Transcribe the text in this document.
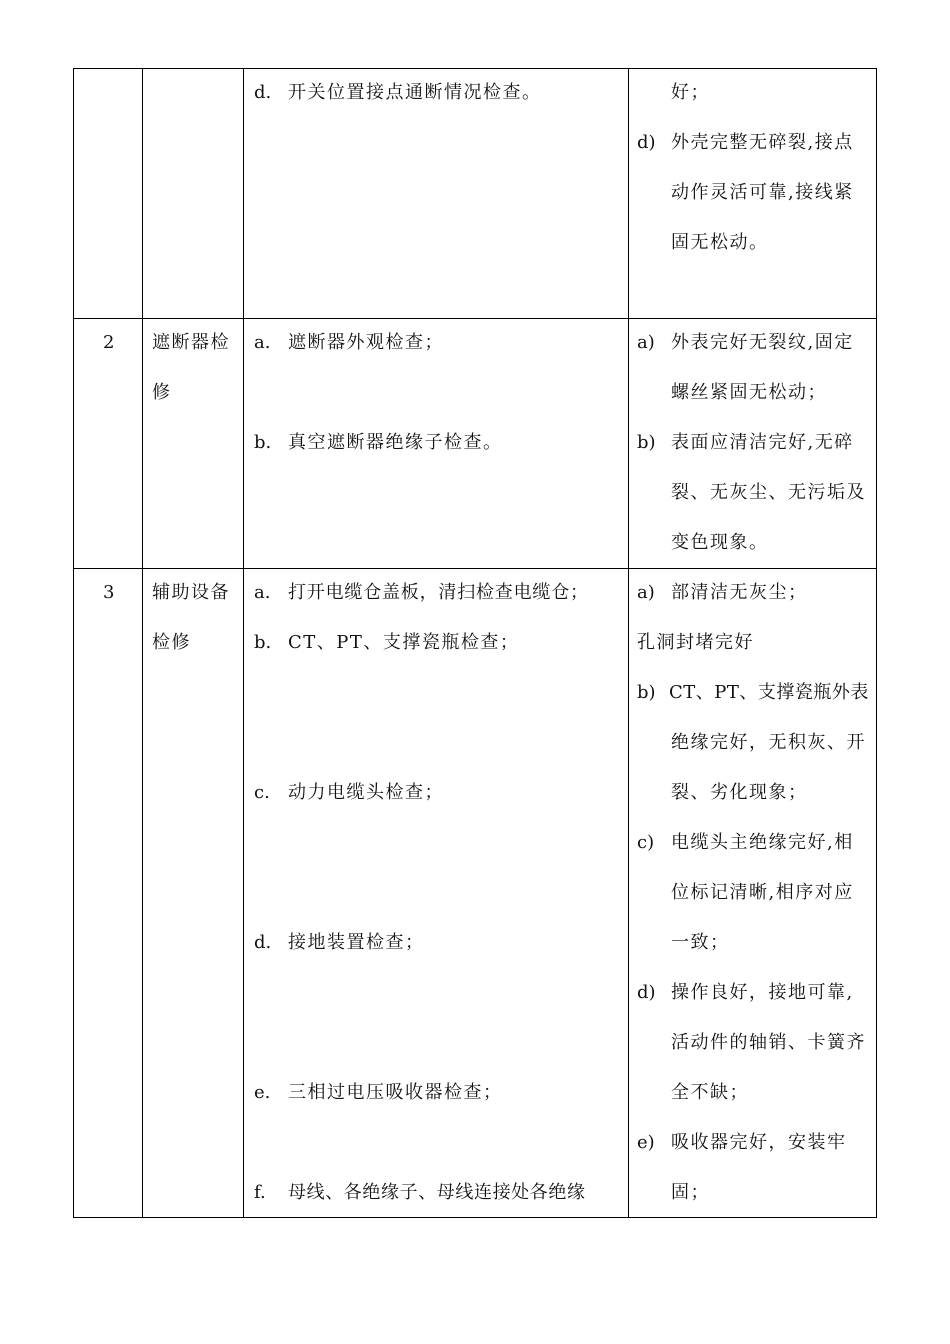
d. 开关位置接点通断情况检查。	好；
d) 外壳完整无碎裂,接点
动作灵活可靠,接线紧
固无松动。
2 遮断器检
修
a. 遮断器外观检查；
b. 真空遮断器绝缘子检查。
a) 外表完好无裂纹,固定
螺丝紧固无松动；
b) 表面应清洁完好,无碎
裂、无灰尘、无污垢及
变色现象。
3 辅助设备
检修
a. 打开电缆仓盖板，清扫检查电缆仓；
b. CT、PT、支撑瓷瓶检查；
c. 动力电缆头检查；
d. 接地装置检查；
e. 三相过电压吸收器检查；
f. 母线、各绝缘子、母线连接处各绝缘
a) 部清洁无灰尘；
孔洞封堵完好
b) CT、PT、支撑瓷瓶外表
绝缘完好，无积灰、开
裂、劣化现象；
c) 电缆头主绝缘完好,相
位标记清晰,相序对应
一致；
d) 操作良好，接地可靠,
活动件的轴销、卡簧齐
全不缺；
e) 吸收器完好，安装牢
固；
